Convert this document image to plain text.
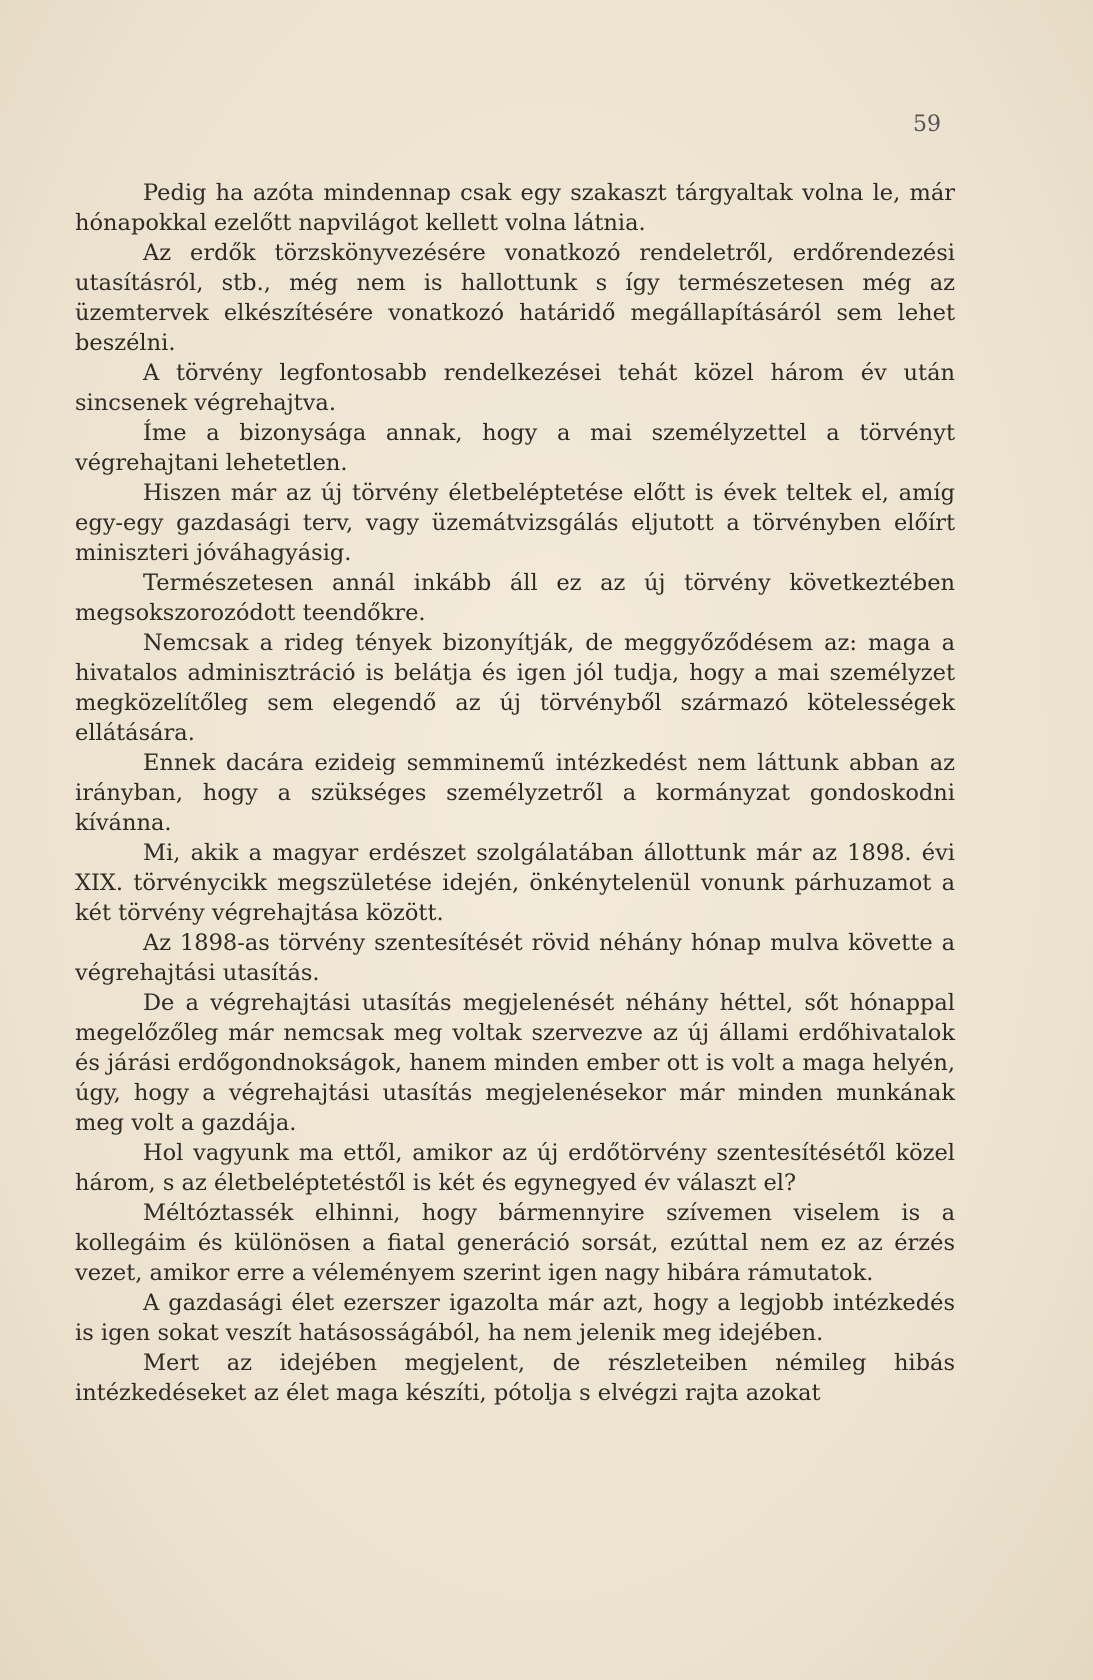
59

Pedig ha azóta mindennap csak egy szakaszt tárgyaltak volna le, már hónapokkal ezelőtt napvilágot kellett volna látnia.

Az erdők törzskönyvezésére vonatkozó rendeletről, erdőrendezési utasításról, stb., még nem is hallottunk s így természetesen még az üzemtervek elkészítésére vonatkozó határidő megállapításáról sem lehet beszélni.

A törvény legfontosabb rendelkezései tehát közel három év után sincsenek végrehajtva.

Íme a bizonysága annak, hogy a mai személyzettel a törvényt végrehajtani lehetetlen.

Hiszen már az új törvény életbeléptetése előtt is évek teltek el, amíg egy-egy gazdasági terv, vagy üzemátvizsgálás eljutott a törvényben előírt miniszteri jóváhagyásig.

Természetesen annál inkább áll ez az új törvény következtében megsokszorozódott teendőkre.

Nemcsak a rideg tények bizonyítják, de meggyőződésem az: maga a hivatalos adminisztráció is belátja és igen jól tudja, hogy a mai személyzet megközelítőleg sem elegendő az új törvényből származó kötelességek ellátására.

Ennek dacára ezideig semminemű intézkedést nem láttunk abban az irányban, hogy a szükséges személyzetről a kormányzat gondoskodni kívánna.

Mi, akik a magyar erdészet szolgálatában állottunk már az 1898. évi XIX. törvénycikk megszületése idején, önkénytelenül vonunk párhuzamot a két törvény végrehajtása között.

Az 1898-as törvény szentesítését rövid néhány hónap mulva követte a végrehajtási utasítás.

De a végrehajtási utasítás megjelenését néhány héttel, sőt hónappal megelőzőleg már nemcsak meg voltak szervezve az új állami erdőhivatalok és járási erdőgondnokságok, hanem minden ember ott is volt a maga helyén, úgy, hogy a végrehajtási utasítás megjelenésekor már minden munkának meg volt a gazdája.

Hol vagyunk ma ettől, amikor az új erdőtörvény szentesítésétől közel három, s az életbeléptetéstől is két és egynegyed év választ el?

Méltóztassék elhinni, hogy bármennyire szívemen viselem is a kollegáim és különösen a fiatal generáció sorsát, ezúttal nem ez az érzés vezet, amikor erre a véleményem szerint igen nagy hibára rámutatok.

A gazdasági élet ezerszer igazolta már azt, hogy a legjobb intézkedés is igen sokat veszít hatásosságából, ha nem jelenik meg idejében.

Mert az idejében megjelent, de részleteiben némileg hibás intézkedéseket az élet maga készíti, pótolja s elvégzi rajta azokat
